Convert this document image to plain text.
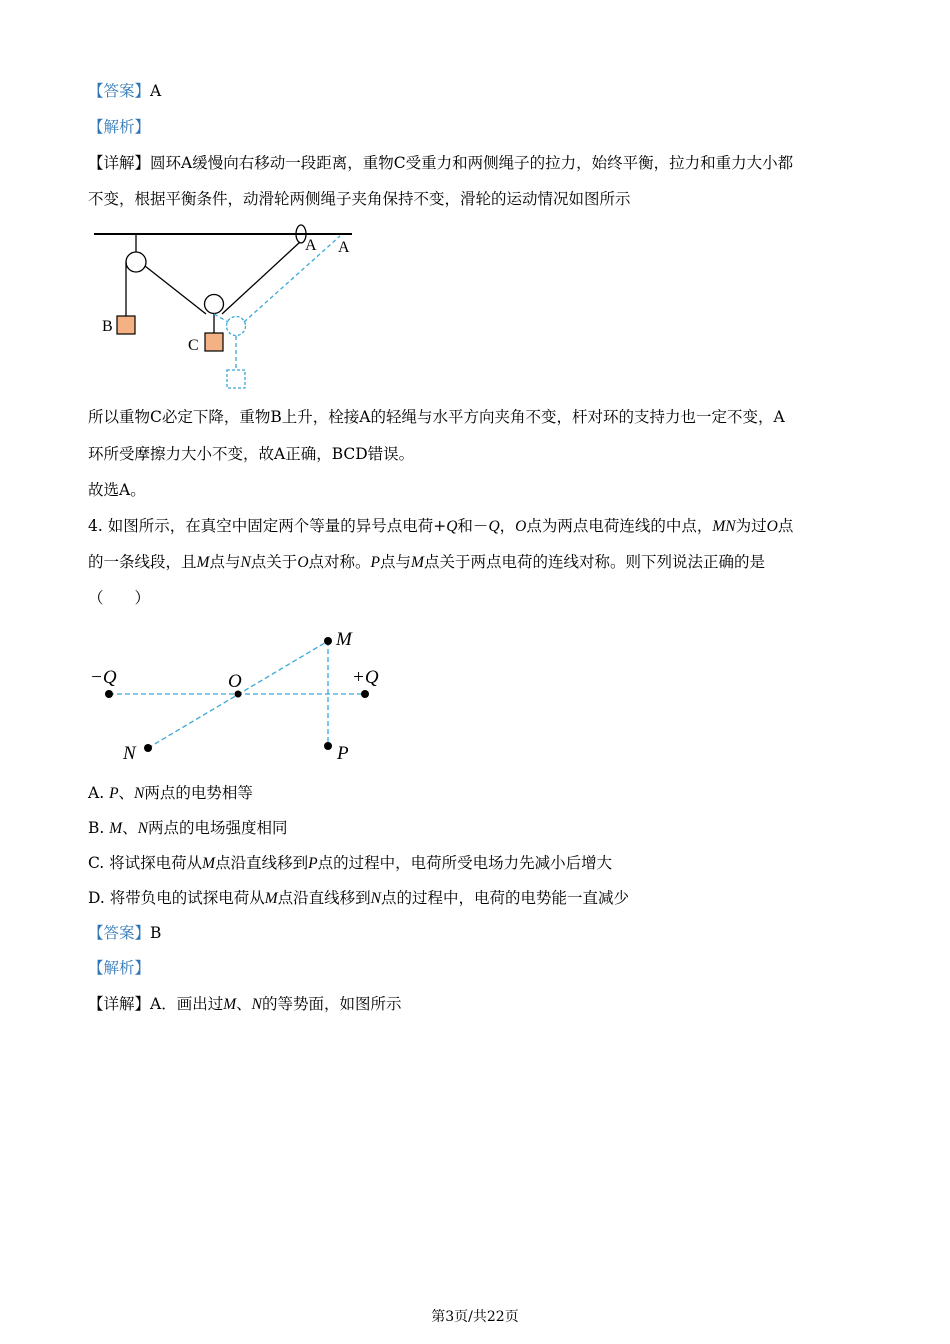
【答案】A
【解析】
【详解】圆环A缓慢向右移动一段距离，重物C受重力和两侧绳子的拉力，始终平衡，拉力和重力大小都
不变，根据平衡条件，动滑轮两侧绳子夹角保持不变，滑轮的运动情况如图所示
A A
B
C
所以重物C必定下降，重物B上升，栓接A的轻绳与水平方向夹角不变，杆对环的支持力也一定不变，A
环所受摩擦力大小不变，故A正确，BCD错误。
故选A。
4. 如图所示，在真空中固定两个等量的异号点电荷+Q和－Q，O点为两点电荷连线的中点，MN为过O点
的一条线段，且M点与N点关于O点对称。P点与M点关于两点电荷的连线对称。则下列说法正确的是
（　　）
−Q	O	+Q
M
N	P
A. P、N两点的电势相等
B. M、N两点的电场强度相同
C. 将试探电荷从M点沿直线移到P点的过程中，电荷所受电场力先减小后增大
D. 将带负电的试探电荷从M点沿直线移到N点的过程中，电荷的电势能一直减少
【答案】B
【解析】
【详解】A．画出过M、N的等势面，如图所示
第3页/共22页
